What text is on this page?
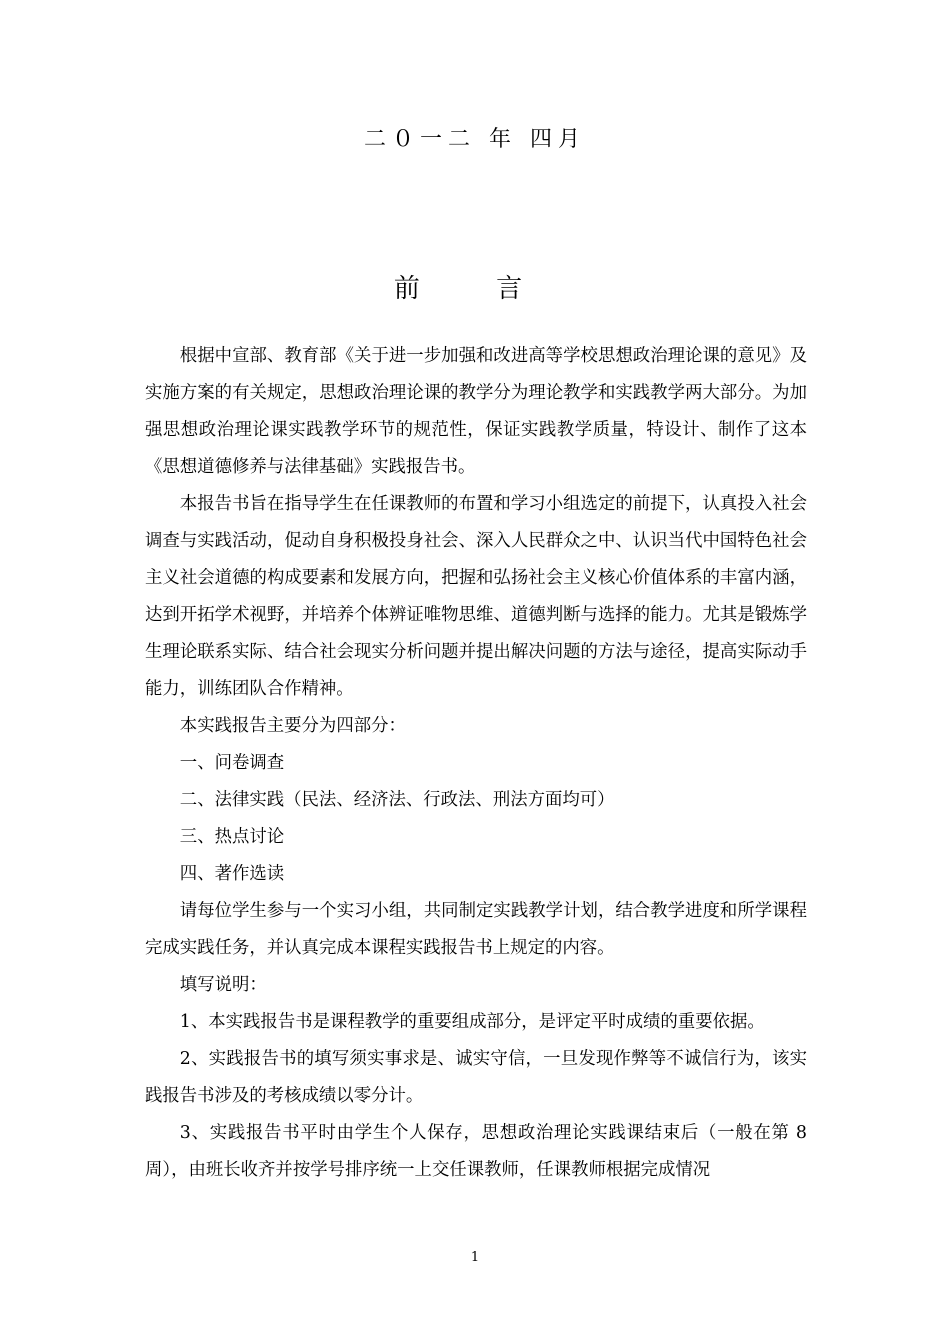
二０一二 年 四月
前 言

根据中宣部、教育部《关于进一步加强和改进高等学校思想政治理论课的意见》及实施方案的有关规定，思想政治理论课的教学分为理论教学和实践教学两大部分。为加强思想政治理论课实践教学环节的规范性，保证实践教学质量，特设计、制作了这本《思想道德修养与法律基础》实践报告书。

本报告书旨在指导学生在任课教师的布置和学习小组选定的前提下，认真投入社会调查与实践活动，促动自身积极投身社会、深入人民群众之中、认识当代中国特色社会主义社会道德的构成要素和发展方向，把握和弘扬社会主义核心价值体系的丰富内涵，达到开拓学术视野，并培养个体辨证唯物思维、道德判断与选择的能力。尤其是锻炼学生理论联系实际、结合社会现实分析问题并提出解决问题的方法与途径，提高实际动手能力，训练团队合作精神。

本实践报告主要分为四部分：

一、问卷调查

二、法律实践（民法、经济法、行政法、刑法方面均可）

三、热点讨论

四、著作选读

请每位学生参与一个实习小组，共同制定实践教学计划，结合教学进度和所学课程完成实践任务，并认真完成本课程实践报告书上规定的内容。

填写说明：

1、本实践报告书是课程教学的重要组成部分，是评定平时成绩的重要依据。

2、实践报告书的填写须实事求是、诚实守信，一旦发现作弊等不诚信行为，该实践报告书涉及的考核成绩以零分计。

3、实践报告书平时由学生个人保存，思想政治理论实践课结束后（一般在第 8 周），由班长收齐并按学号排序统一上交任课教师，任课教师根据完成情况

1
